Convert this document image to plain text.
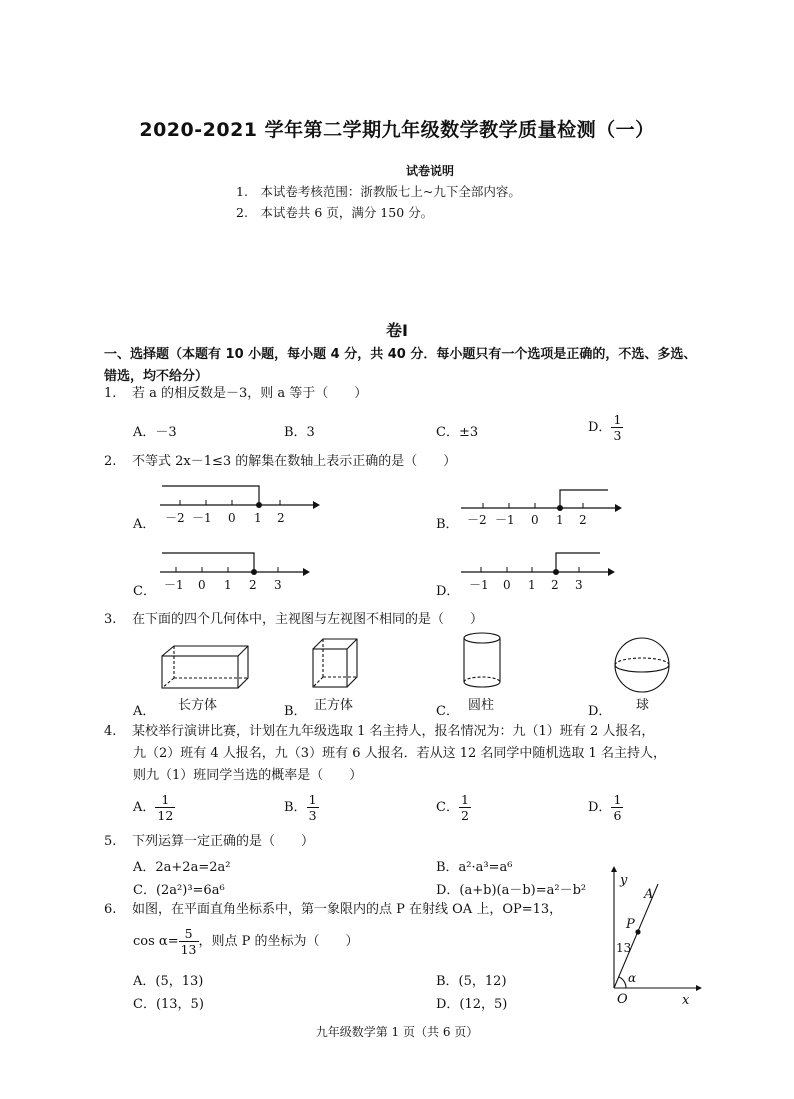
2020-2021 学年第二学期九年级数学教学质量检测（一）
试卷说明
1.　本试卷考核范围：浙教版七上~九下全部内容。
2.　本试卷共 6 页，满分 150 分。
卷Ⅰ
一、选择题（本题有 10 小题，每小题 4 分，共 40 分．每小题只有一个选项是正确的，不选、多选、错选，均不给分）
1. 若 a 的相反数是－3，则 a 等于（　　）
A．－3	B．3	C．±3	D． $\frac{1}{3}$
2. 不等式 2x－1≤3 的解集在数轴上表示正确的是（　　）
A．	B．
C．	D．
－2 －1 0 1 2	－2 －1 0 1 2
－1 0 1 2 3	－1 0 1 2 3
3. 在下面的四个几何体中，主视图与左视图不相同的是（　　）
A． 长方体	B． 正方体	C． 圆柱	D． 球
4. 某校举行演讲比赛，计划在九年级选取 1 名主持人，报名情况为：九（1）班有 2 人报名，
九（2）班有 4 人报名，九（3）班有 6 人报名．若从这 12 名同学中随机选取 1 名主持人，
则九（1）班同学当选的概率是（　　）
A． $\frac{1}{12}$	B． $\frac{1}{3}$	C． $\frac{1}{2}$	D． $\frac{1}{6}$
5. 下列运算一定正确的是（　　）
A．2a+2a=2a²	B．a²·a³=a⁶
C．(2a²)³=6a⁶	D．(a+b)(a－b)=a²－b²
6. 如图，在平面直角坐标系中，第一象限内的点 P 在射线 OA 上，OP=13，
$\cos \alpha= \frac{5}{13}$ ，则点 P 的坐标为（　　）
A．(5，13)	B．(5，12)
C．(13，5)	D．(12，5)
y
x
A
P
O
α
13
九年级数学第 1 页（共 6 页）
